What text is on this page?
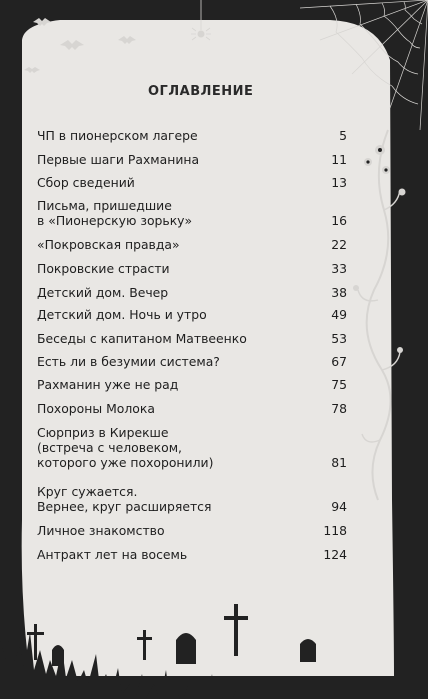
ОГЛАВЛЕНИЕ
ЧП в пионерском лагере	5
Первые шаги Рахманина	11
Сбор сведений	13
Письма, пришедшие
в «Пионерскую зорьку»	16
«Покровская правда»	22
Покровские страсти	33
Детский дом. Вечер	38
Детский дом. Ночь и утро	49
Беседы с капитаном Матвеенко	53
Есть ли в безумии система?	67
Рахманин уже не рад	75
Похороны Молока	78
Сюрприз в Кирекше
(встреча с человеком,
которого уже похоронили)	81
Круг сужается.
Вернее, круг расширяется	94
Личное знакомство	118
Антракт лет на восемь	124
